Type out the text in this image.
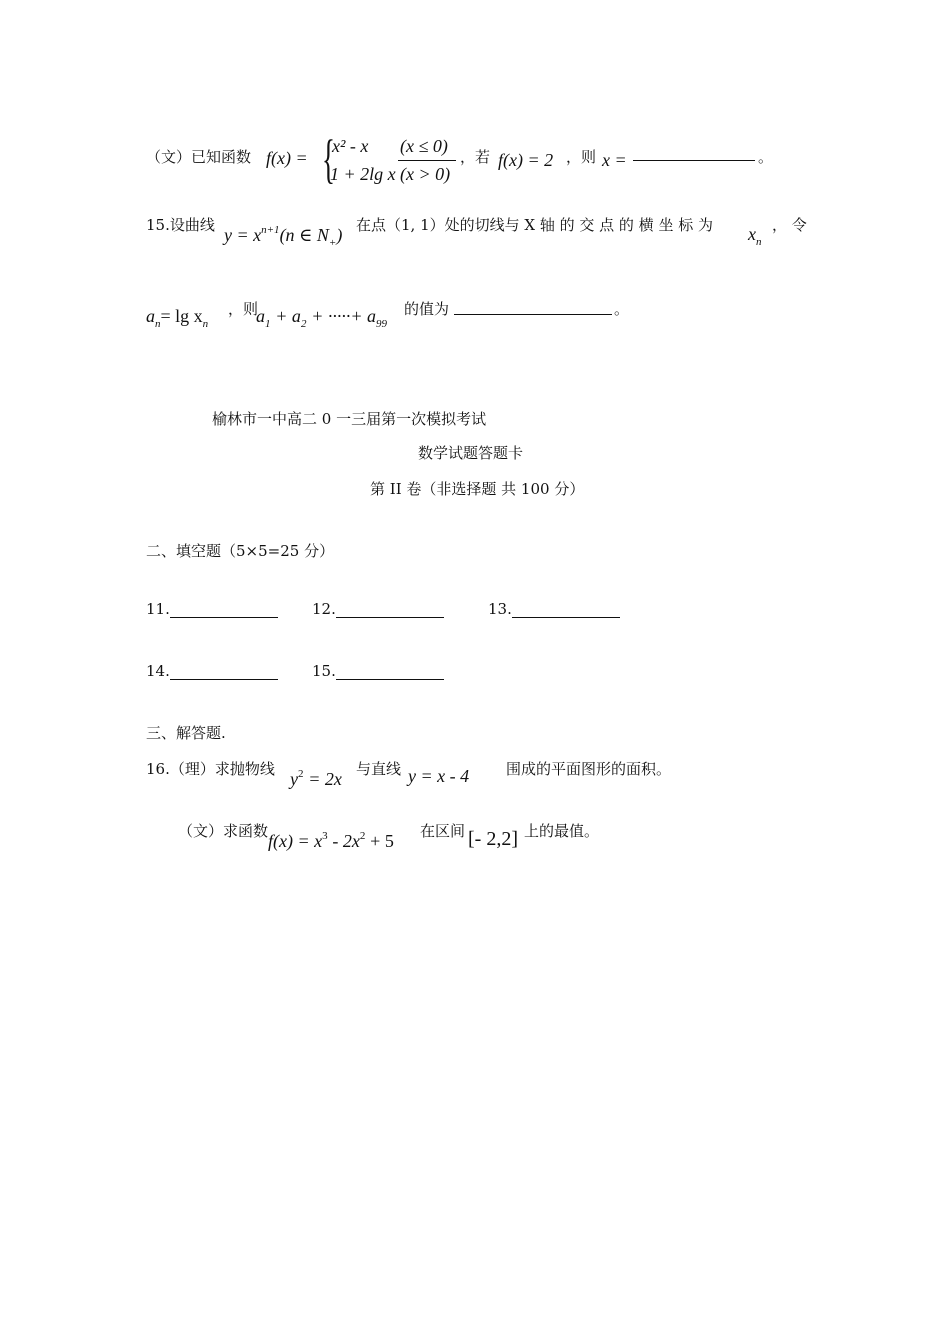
（文）已知函数 f(x) = {
x² - x (x ≤ 0)
1 + 2lg x (x > 0)
，若 f(x) = 2 ，则 x =	。
15.设曲线 $y = x^{n+1}(n$ ∈ $N_+$) 在点（1, 1）处的切线与 X 轴 的 交 点 的 横 坐 标 为 $x_n$
， 令
$a_n= \lg x_n$
，则
$a_1 + a_2$ + ·····+ $a_{99}$
的值为	。
榆林市一中高二 0 一三届第一次模拟考试
数学试题答题卡
第 II 卷（非选择题 共 100 分）
二、填空题（5×5=25 分）
11.	12.	13.
14.	15.
三、解答题.
16.（理）求抛物线 $y^2 = 2x$ 与直线 y = x - 4 围成的平面图形的面积。
（文）求函数 $f(x) = x^3 - 2x^2 + 5$ 在区间 [- 2,2] 上的最值。
